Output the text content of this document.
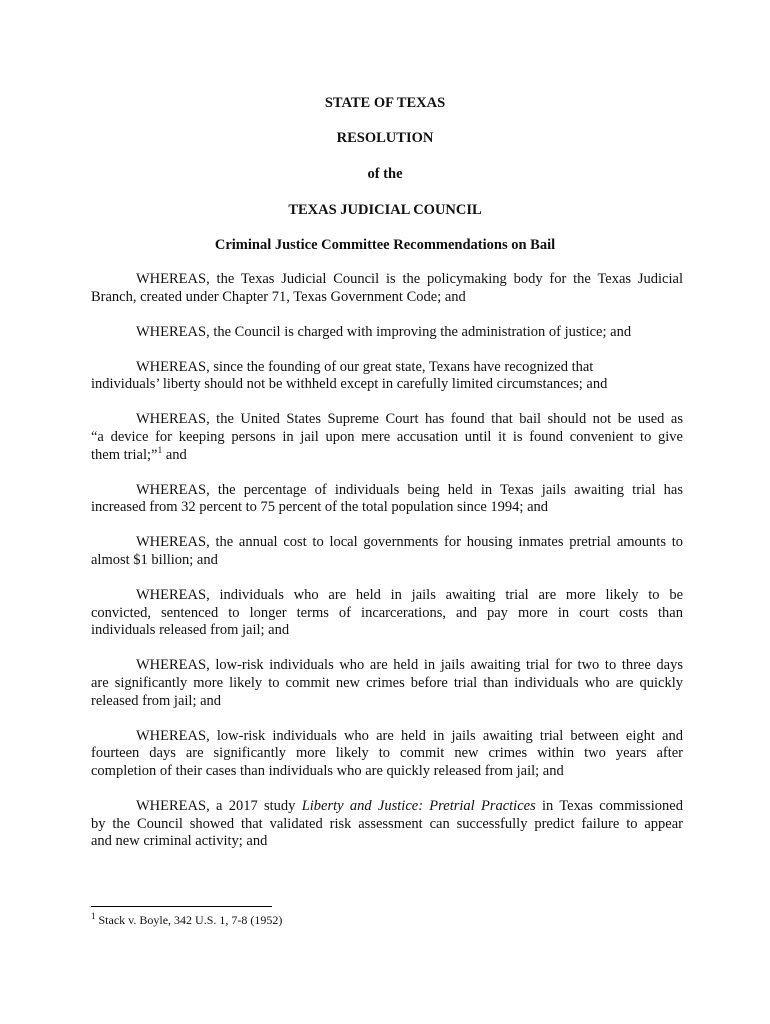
STATE OF TEXAS
RESOLUTION
of the
TEXAS JUDICIAL COUNCIL
Criminal Justice Committee Recommendations on Bail

WHEREAS, the Texas Judicial Council is the policymaking body for the Texas Judicial
Branch, created under Chapter 71, Texas Government Code; and

WHEREAS, the Council is charged with improving the administration of justice; and

WHEREAS, since the founding of our great state, Texans have recognized that
individuals’ liberty should not be withheld except in carefully limited circumstances; and

WHEREAS, the United States Supreme Court has found that bail should not be used as
“a device for keeping persons in jail upon mere accusation until it is found convenient to give
them trial;”$^1$ and

WHEREAS, the percentage of individuals being held in Texas jails awaiting trial has
increased from 32 percent to 75 percent of the total population since 1994; and

WHEREAS, the annual cost to local governments for housing inmates pretrial amounts to
almost $1 billion; and

WHEREAS, individuals who are held in jails awaiting trial are more likely to be
convicted, sentenced to longer terms of incarcerations, and pay more in court costs than
individuals released from jail; and

WHEREAS, low-risk individuals who are held in jails awaiting trial for two to three days
are significantly more likely to commit new crimes before trial than individuals who are quickly
released from jail; and

WHEREAS, low-risk individuals who are held in jails awaiting trial between eight and
fourteen days are significantly more likely to commit new crimes within two years after
completion of their cases than individuals who are quickly released from jail; and

WHEREAS, a 2017 study Liberty and Justice: Pretrial Practices in Texas commissioned
by the Council showed that validated risk assessment can successfully predict failure to appear
and new criminal activity; and

$^1$ Stack v. Boyle, 342 U.S. 1, 7-8 (1952)
